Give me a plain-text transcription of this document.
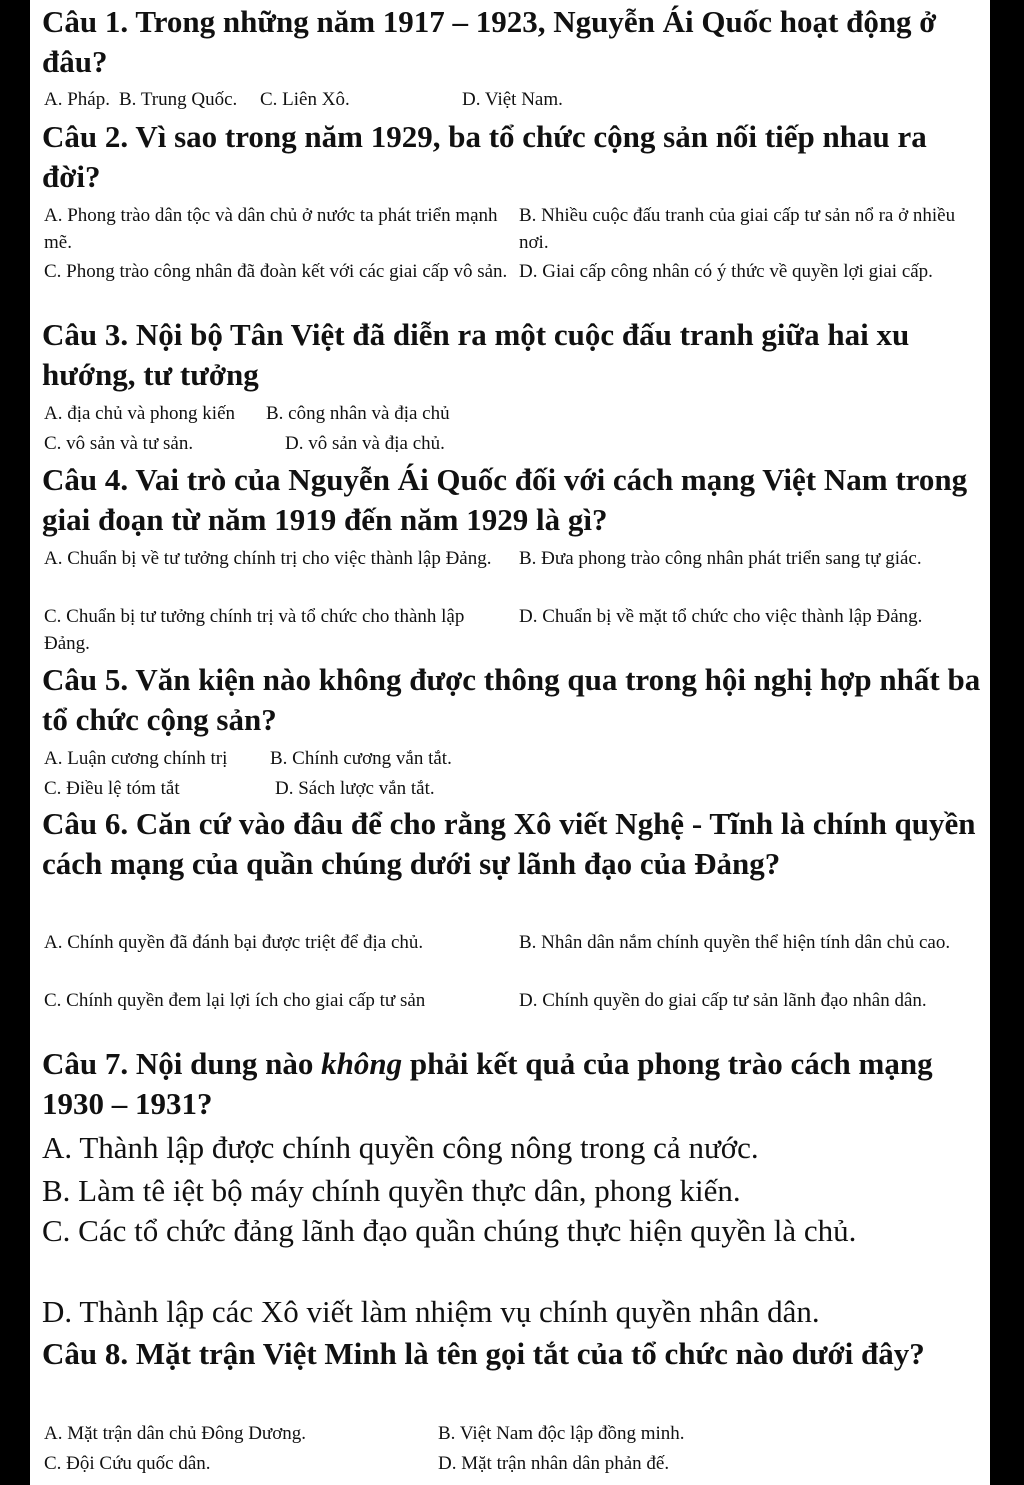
Câu 1. Trong những năm 1917 – 1923, Nguyễn Ái Quốc hoạt động ở đâu?

A. Pháp. B. Trung Quốc. C. Liên Xô.	D. Việt Nam.

Câu 2. Vì sao trong năm 1929, ba tổ chức cộng sản nối tiếp nhau ra đời?

A. Phong trào dân tộc và dân chủ ở nước ta phát triển mạnh mẽ.

B. Nhiều cuộc đấu tranh của giai cấp tư sản nổ ra ở nhiều nơi.

C. Phong trào công nhân đã đoàn kết với các giai cấp vô sản. D. Giai cấp công nhân có ý thức về quyền lợi giai cấp.

Câu 3. Nội bộ Tân Việt đã diễn ra một cuộc đấu tranh giữa hai xu hướng, tư tưởng

A. địa chủ và phong kiến B. công nhân và địa chủ

C. vô sản và tư sản.	D. vô sản và địa chủ.

Câu 4. Vai trò của Nguyễn Ái Quốc đối với cách mạng Việt Nam trong giai đoạn từ năm 1919 đến năm 1929 là gì?

A. Chuẩn bị về tư tưởng chính trị cho việc thành lập Đảng.	B. Đưa phong trào công nhân phát triển sang tự giác.

C. Chuẩn bị tư tưởng chính trị và tổ chức cho thành lập Đảng.

D. Chuẩn bị về mặt tổ chức cho việc thành lập Đảng.

Câu 5. Văn kiện nào không được thông qua trong hội nghị hợp nhất ba tổ chức cộng sản?

A. Luận cương chính trị B. Chính cương vắn tắt.

C. Điều lệ tóm tắt	D. Sách lược vắn tắt.

Câu 6. Căn cứ vào đâu để cho rằng Xô viết Nghệ - Tĩnh là chính quyền cách mạng của quần chúng dưới sự lãnh đạo của Đảng?

A. Chính quyền đã đánh bại được triệt để địa chủ.	B. Nhân dân nắm chính quyền thể hiện tính dân chủ cao.

C. Chính quyền đem lại lợi ích cho giai cấp tư sản	D. Chính quyền do giai cấp tư sản lãnh đạo nhân dân.

Câu 7. Nội dung nào không phải kết quả của phong trào cách mạng 1930 – 1931?

A. Thành lập được chính quyền công nông trong cả nước.

B. Làm tê iệt bộ máy chính quyền thực dân, phong kiến.

C. Các tổ chức đảng lãnh đạo quần chúng thực hiện quyền là chủ.

D. Thành lập các Xô viết làm nhiệm vụ chính quyền nhân dân.

Câu 8. Mặt trận Việt Minh là tên gọi tắt của tổ chức nào dưới đây?

A. Mặt trận dân chủ Đông Dương.	B. Việt Nam độc lập đồng minh.

C. Đội Cứu quốc dân.	D. Mặt trận nhân dân phản đế.
